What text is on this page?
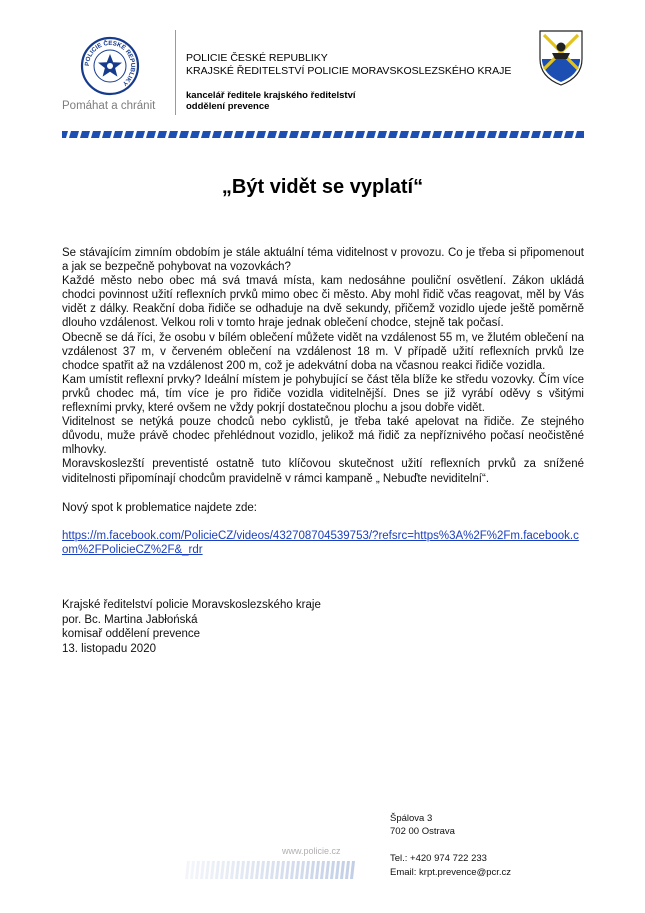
POLICIE ČESKÉ REPUBLIKY
Pomáhat a chránit
POLICIE ČESKÉ REPUBLIKY
KRAJSKÉ ŘEDITELSTVÍ POLICIE MORAVSKOSLEZSKÉHO KRAJE
kancelář ředitele krajského ředitelství
oddělení prevence
„Být vidět se vyplatí“

Se stávajícím zimním obdobím je stále aktuální téma viditelnost v provozu. Co je třeba si připomenout a jak se bezpečně pohybovat na vozovkách?

Každé město nebo obec má svá tmavá místa, kam nedosáhne pouliční osvětlení. Zákon ukládá chodci povinnost užití reflexních prvků mimo obec či město. Aby mohl řidič včas reagovat, měl by Vás vidět z dálky. Reakční doba řidiče se odhaduje na dvě sekundy, přičemž vozidlo ujede ještě poměrně dlouho vzdálenost. Velkou roli v tomto hraje jednak oblečení chodce, stejně tak počasí.

Obecně se dá říci, že osobu v bílém oblečení můžete vidět na vzdálenost 55 m, ve žlutém oblečení na vzdálenost 37 m, v červeném oblečení na vzdálenost 18 m. V případě užití reflexních prvků lze chodce spatřit až na vzdálenost 200 m, což je adekvátní doba na včasnou reakci řidiče vozidla.

Kam umístit reflexní prvky? Ideální místem je pohybující se část těla blíže ke středu vozovky. Čím více prvků chodec má, tím více je pro řidiče vozidla viditelnější. Dnes se již vyrábí oděvy s všitými reflexními prvky, které ovšem ne vždy pokrjí dostatečnou plochu a jsou dobře vidět.

Viditelnost se netýká pouze chodců nebo cyklistů, je třeba také apelovat na řidiče. Ze stejného důvodu, muže právě chodec přehlédnout vozidlo, jelikož má řidič za nepříznivého počasí neočistěné mlhovky.

Moravskoslezští preventisté ostatně tuto klíčovou skutečnost užití reflexních prvků za snížené viditelnosti připomínají chodcům pravidelně v rámci kampaně „ Nebuďte neviditelní“.

Nový spot k problematice najdete zde:
https://m.facebook.com/PolicieCZ/videos/432708704539753/?refsrc=https%3A%2F%2Fm.facebook.com%2FPolicieCZ%2F&_rdr
Krajské ředitelství policie Moravskoslezského kraje
por. Bc. Martina Jabłońská
komisař oddělení prevence
13. listopadu 2020
www.policie.cz
Špálova 3
702 00 Ostrava
Tel.: +420 974 722 233
Email: krpt.prevence@pcr.cz
